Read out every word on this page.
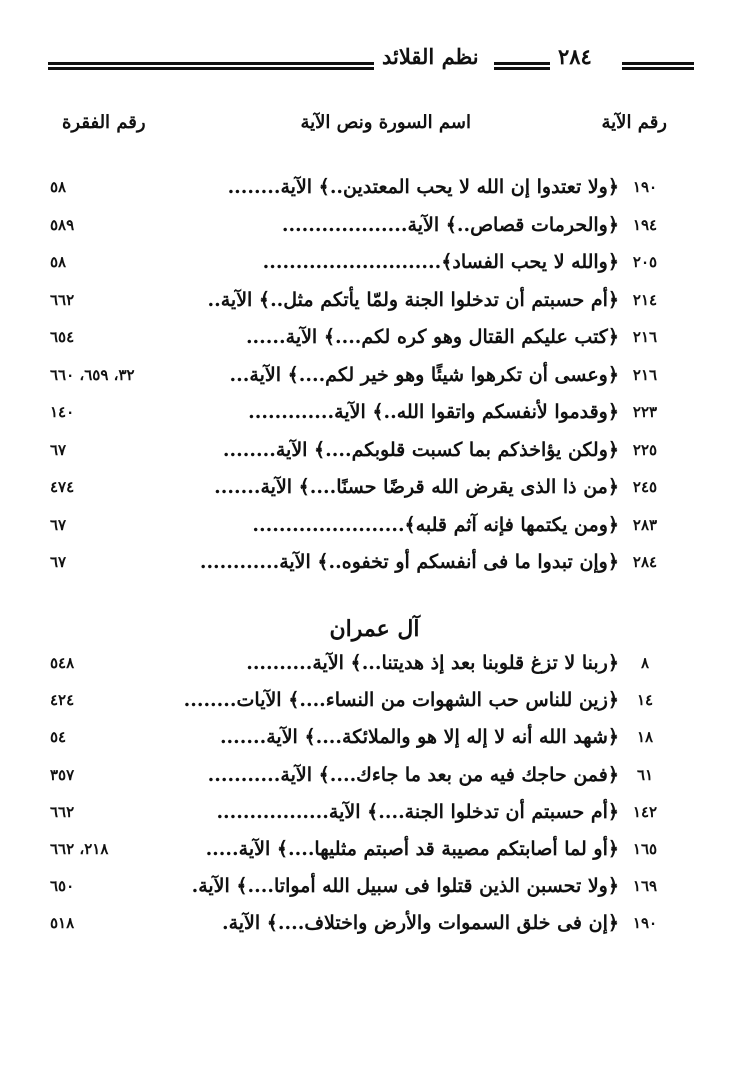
نظم القلائد	٢٨٤
رقم الآية
اسم السورة ونص الآية
رقم الفقرة
١٩٠
﴿ولا تعتدوا إن الله لا يحب المعتدين..﴾ الآية........
٥٨
١٩٤
﴿والحرمات قصاص..﴾ الآية...................
٥٨٩
٢٠٥
﴿والله لا يحب الفساد﴾...........................
٥٨
٢١٤
﴿أم حسبتم أن تدخلوا الجنة ولمّا يأتكم مثل..﴾ الآية..
٦٦٢
٢١٦
﴿كتب عليكم القتال وهو كره لكم....﴾ الآية......
٦٥٤
٢١٦
﴿وعسى أن تكرهوا شيئًا وهو خير لكم....﴾ الآية...
٣٢، ٦٥٩، ٦٦٠
٢٢٣
﴿وقدموا لأنفسكم واتقوا الله..﴾ الآية.............
١٤٠
٢٢٥
﴿ولكن يؤاخذكم بما كسبت قلوبكم....﴾ الآية........
٦٧
٢٤٥
﴿من ذا الذى يقرض الله قرضًا حسنًا....﴾ الآية.......
٤٧٤
٢٨٣
﴿ومن يكتمها فإنه آثم قلبه﴾.......................
٦٧
٢٨٤
﴿وإن تبدوا ما فى أنفسكم أو تخفوه..﴾ الآية............
٦٧
آل عمران
٨
﴿ربنا لا تزغ قلوبنا بعد إذ هديتنا...﴾ الآية..........
٥٤٨
١٤
﴿زين للناس حب الشهوات من النساء....﴾ الآيات........
٤٢٤
١٨
﴿شهد الله أنه لا إله إلا هو والملائكة....﴾ الآية.......
٥٤
٦١
﴿فمن حاجك فيه من بعد ما جاءك....﴾ الآية...........
٣٥٧
١٤٢
﴿أم حسبتم أن تدخلوا الجنة....﴾ الآية.................
٦٦٢
١٦٥
﴿أو لما أصابتكم مصيبة قد أصبتم مثليها....﴾ الآية.....
٢١٨، ٦٦٢
١٦٩
﴿ولا تحسبن الذين قتلوا فى سبيل الله أمواتا....﴾ الآية.
٦٥٠
١٩٠
﴿إن فى خلق السموات والأرض واختلاف....﴾ الآية.
٥١٨
